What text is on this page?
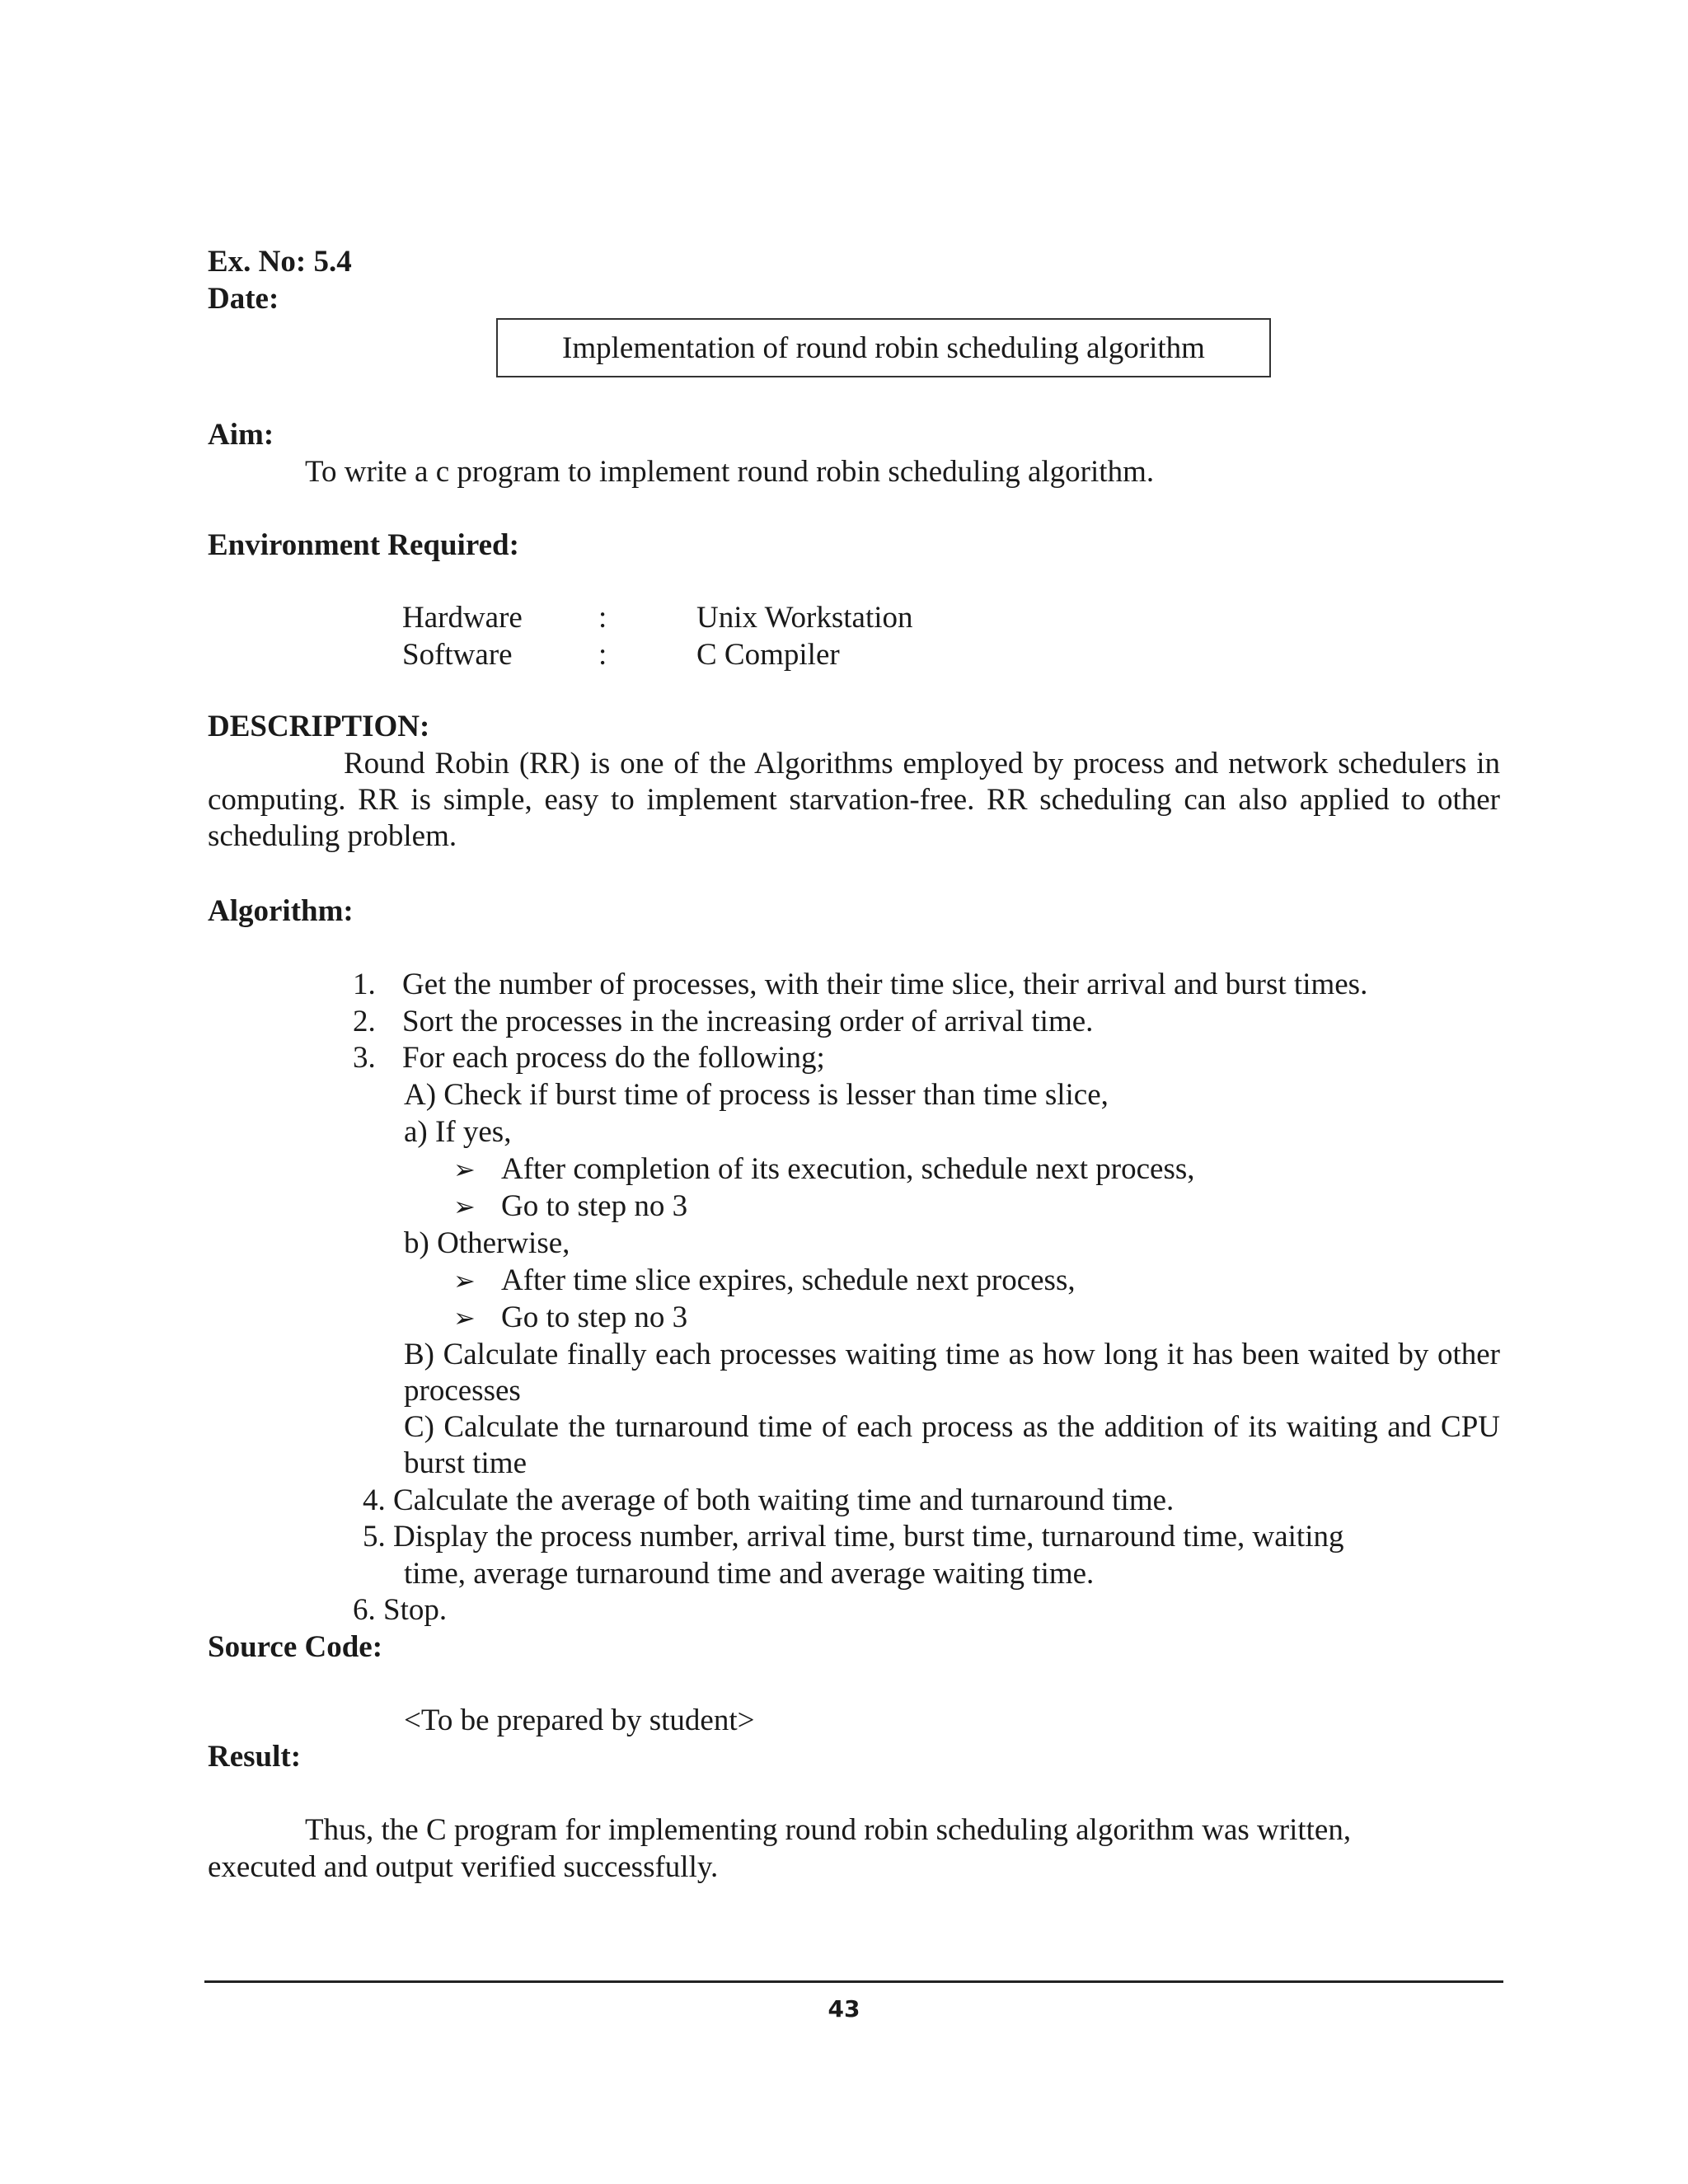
Ex. No: 5.4
Date:
Implementation of round robin scheduling algorithm
Aim:
To write a c program to implement round robin scheduling algorithm.
Environment Required:
Hardware :	Unix Workstation
Software	:	C Compiler
DESCRIPTION:
Round Robin (RR) is one of the Algorithms employed by process and network schedulers in computing. RR is simple, easy to implement starvation-free. RR scheduling can also applied to other scheduling problem.
Algorithm:
1. Get the number of processes, with their time slice, their arrival and burst times.
2. Sort the processes in the increasing order of arrival time.
3. For each process do the following;
A) Check if burst time of process is lesser than time slice,
a) If yes,
➢ After completion of its execution, schedule next process,
➢ Go to step no 3
b) Otherwise,
➢ After time slice expires, schedule next process,
➢ Go to step no 3
B) Calculate finally each processes waiting time as how long it has been waited by other processes
C) Calculate the turnaround time of each process as the addition of its waiting and CPU burst time
4. Calculate the average of both waiting time and turnaround time.
5. Display the process number, arrival time, burst time, turnaround time, waiting
time, average turnaround time and average waiting time.
6. Stop.
Source Code:
<To be prepared by student>
Result:
Thus, the C program for implementing round robin scheduling algorithm was written,
executed and output verified successfully.
43
